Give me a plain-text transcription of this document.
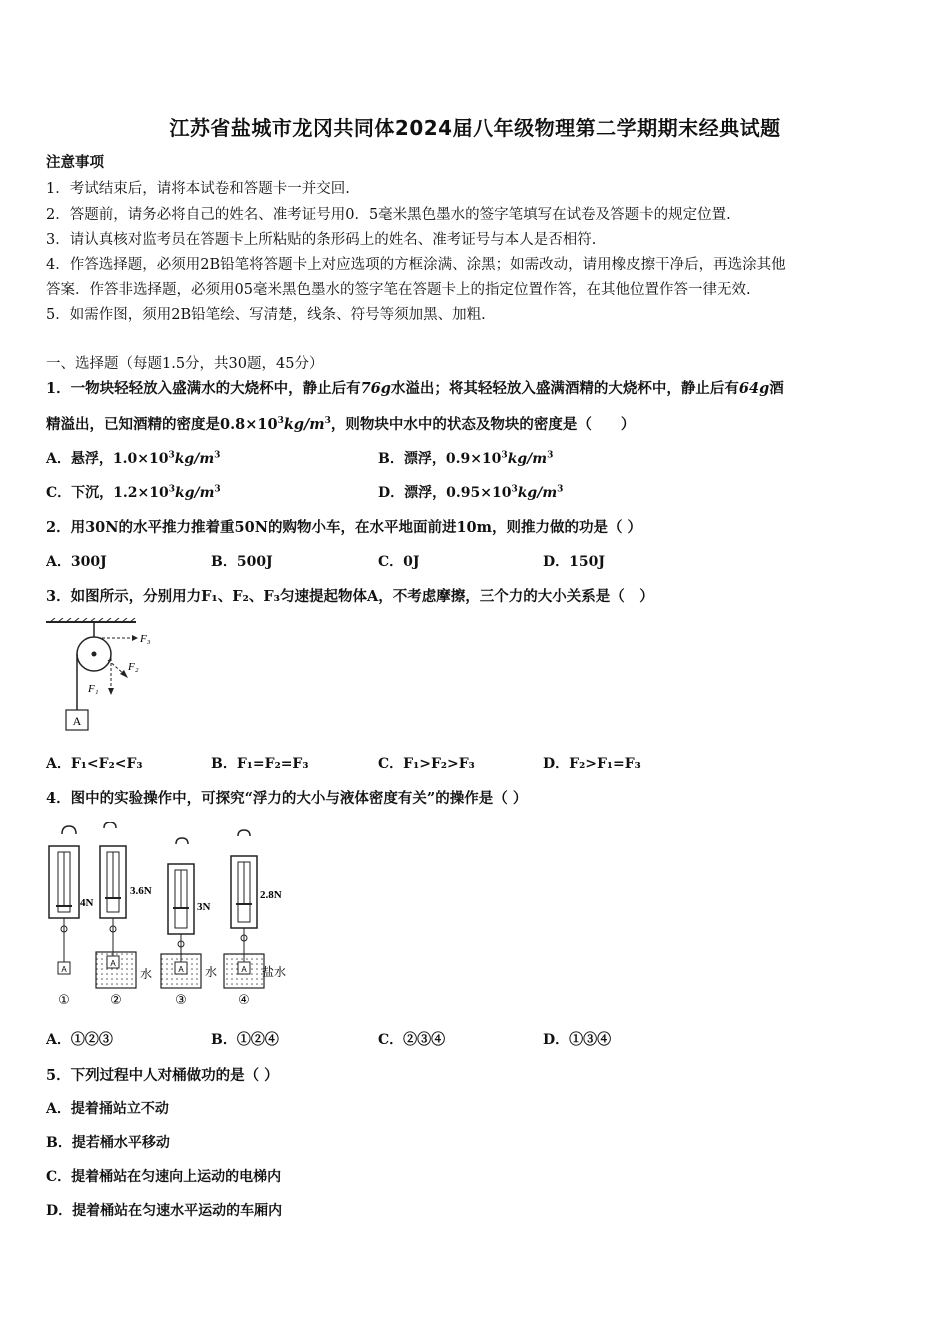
江苏省盐城市龙冈共同体2024届八年级物理第二学期期末经典试题
注意事项
1．考试结束后，请将本试卷和答题卡一并交回.
2．答题前，请务必将自己的姓名、准考证号用0．5毫米黑色墨水的签字笔填写在试卷及答题卡的规定位置.
3．请认真核对监考员在答题卡上所粘贴的条形码上的姓名、准考证号与本人是否相符.
4．作答选择题，必须用2B铅笔将答题卡上对应选项的方框涂满、涂黑；如需改动，请用橡皮擦干净后，再选涂其他
答案．作答非选择题，必须用05毫米黑色墨水的签字笔在答题卡上的指定位置作答，在其他位置作答一律无效.
5．如需作图，须用2B铅笔绘、写清楚，线条、符号等须加黑、加粗.
一、选择题（每题1.5分，共30题，45分）
1．一物块轻轻放入盛满水的大烧杯中，静止后有76g水溢出；将其轻轻放入盛满酒精的大烧杯中，静止后有64g酒
精溢出，已知酒精的密度是$0.8\times 10^3kg/m^3$，则物块中水中的状态及物块的密度是（　　）
A．悬浮，$1.0\times 10^3kg/m^3$	B．漂浮，$0.9\times 10^3kg/m^3$
C．下沉，$1.2\times 10^3kg/m^3$	D．漂浮，$0.95\times 10^3kg/m^3$
2．用30N的水平推力推着重50N的购物小车，在水平地面前进10m，则推力做的功是（ ）
A．300J	B．500J	C．0J	D．150J
3．如图所示，分别用力F₁、F₂、F₃匀速提起物体A，不考虑摩擦，三个力的大小关系是（　）
A
F₃
F₂
F₁
A．F₁<F₂<F₃	B．F₁=F₂=F₃	C．F₁>F₂>F₃	D．F₂>F₁=F₃
4．图中的实验操作中，可探究“浮力的大小与液体密度有关”的操作是（ ）
A
4N
①
A
3.6N
水
②
A
3N
水
③
A
2.8N
盐水
④
A．①②③	B．①②④	C．②③④	D．①③④
5．下列过程中人对桶做功的是（ ）
A．提着捅站立不动
B．提若桶水平移动
C．提着桶站在匀速向上运动的电梯内
D．提着桶站在匀速水平运动的车厢内
